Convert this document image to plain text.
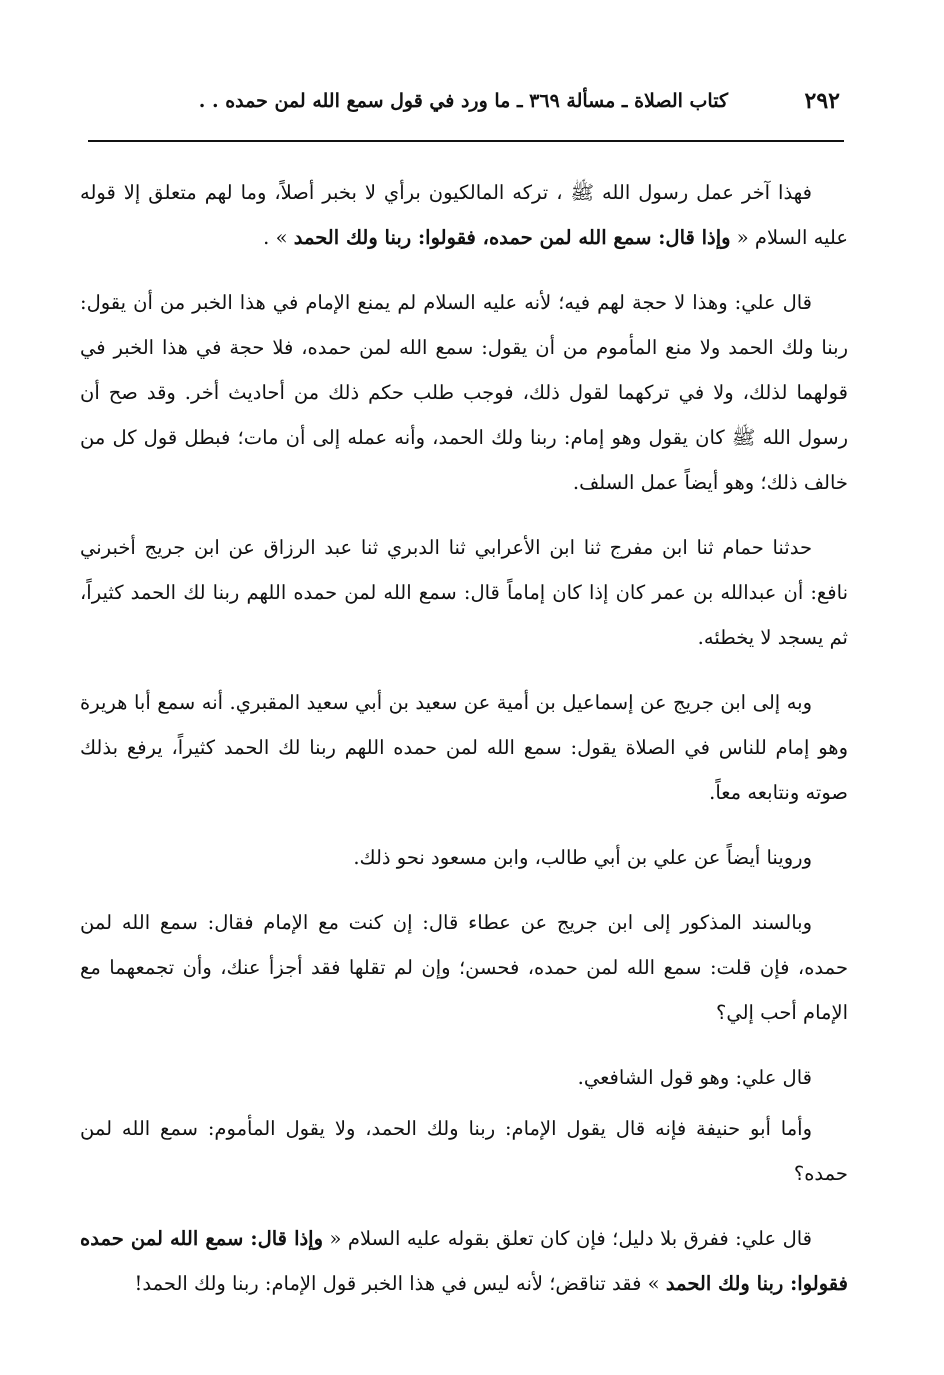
٢٩٢
كتاب الصلاة ـ مسألة ٣٦٩ ـ ما ورد في قول سمع الله لمن حمده . .

فهذا آخر عمل رسول الله ﷺ ، تركه المالكيون برأي لا بخبر أصلاً، وما لهم متعلق إلا قوله عليه السلام « وإذا قال: سمع الله لمن حمده، فقولوا: ربنا ولك الحمد » .

قال علي: وهذا لا حجة لهم فيه؛ لأنه عليه السلام لم يمنع الإمام في هذا الخبر من أن يقول: ربنا ولك الحمد ولا منع المأموم من أن يقول: سمع الله لمن حمده، فلا حجة في هذا الخبر في قولهما لذلك، ولا في تركهما لقول ذلك، فوجب طلب حكم ذلك من أحاديث أخر. وقد صح أن رسول الله ﷺ كان يقول وهو إمام: ربنا ولك الحمد، وأنه عمله إلى أن مات؛ فبطل قول كل من خالف ذلك؛ وهو أيضاً عمل السلف.

حدثنا حمام ثنا ابن مفرج ثنا ابن الأعرابي ثنا الدبري ثنا عبد الرزاق عن ابن جريج أخبرني نافع: أن عبدالله بن عمر كان إذا كان إماماً قال: سمع الله لمن حمده اللهم ربنا لك الحمد كثيراً، ثم يسجد لا يخطئه.

وبه إلى ابن جريج عن إسماعيل بن أمية عن سعيد بن أبي سعيد المقبري. أنه سمع أبا هريرة وهو إمام للناس في الصلاة يقول: سمع الله لمن حمده اللهم ربنا لك الحمد كثيراً، يرفع بذلك صوته ونتابعه معاً.

وروينا أيضاً عن علي بن أبي طالب، وابن مسعود نحو ذلك.

وبالسند المذكور إلى ابن جريج عن عطاء قال: إن كنت مع الإمام فقال: سمع الله لمن حمده، فإن قلت: سمع الله لمن حمده، فحسن؛ وإن لم تقلها فقد أجزأ عنك، وأن تجمعهما مع الإمام أحب إلي؟

قال علي: وهو قول الشافعي.

وأما أبو حنيفة فإنه قال يقول الإمام: ربنا ولك الحمد، ولا يقول المأموم: سمع الله لمن حمده؟

قال علي: ففرق بلا دليل؛ فإن كان تعلق بقوله عليه السلام « وإذا قال: سمع الله لمن حمده فقولوا: ربنا ولك الحمد » فقد تناقض؛ لأنه ليس في هذا الخبر قول الإمام: ربنا ولك الحمد!
